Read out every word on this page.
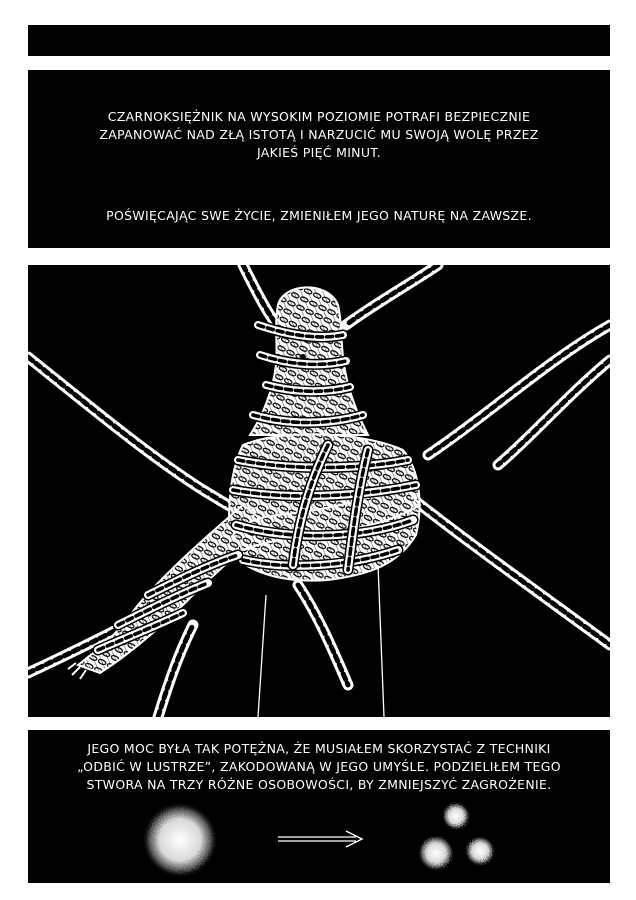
CZARNOKSIĘŻNIK NA WYSOKIM POZIOMIE POTRAFI BEZPIECZNIE
ZAPANOWAĆ NAD ZŁĄ ISTOTĄ I NARZUCIĆ MU SWOJĄ WOLĘ PRZEZ
JAKIEŚ PIĘĆ MINUT.
POŚWIĘCAJĄC SWE ŻYCIE, ZMIENIŁEM JEGO NATURĘ NA ZAWSZE.
JEGO MOC BYŁA TAK POTĘŻNA, ŻE MUSIAŁEM SKORZYSTAĆ Z TECHNIKI
„ODBIĆ W LUSTRZE”, ZAKODOWANĄ W JEGO UMYŚLE. PODZIELIŁEM TEGO
STWORA NA TRZY RÓŻNE OSOBOWOŚCI, BY ZMNIEJSZYĆ ZAGROŻENIE.
